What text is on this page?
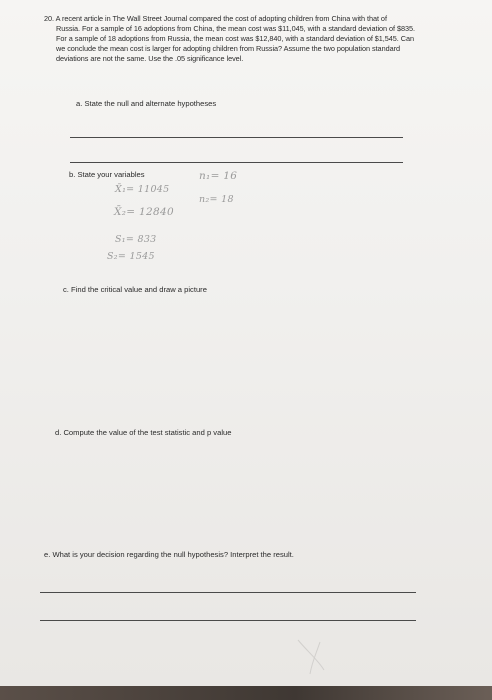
20. A recent article in The Wall Street Journal compared the cost of adopting children from China with that of

Russia. For a sample of 16 adoptions from China, the mean cost was $11,045, with a standard deviation of $835.

For a sample of 18 adoptions from Russia, the mean cost was $12,840, with a standard deviation of $1,545. Can

we conclude the mean cost is larger for adopting children from Russia? Assume the two population standard

deviations are not the same. Use the .05 significance level.

a. State the null and alternate hypotheses
b. State your variables
X̄₁= 11045
X̄₂= 12840
S₁= 833
S₂= 1545
n₁= 16
n₂= 18
c. Find the critical value and draw a picture
d. Compute the value of the test statistic and p value
e. What is your decision regarding the null hypothesis? Interpret the result.
